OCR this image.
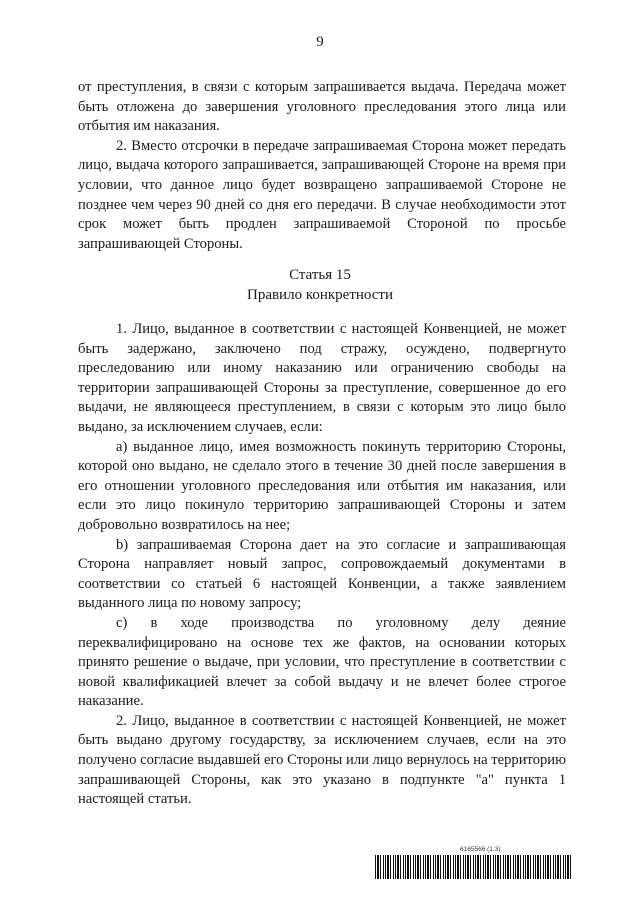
9

от преступления, в связи с которым запрашивается выдача. Передача может быть отложена до завершения уголовного преследования этого лица или отбытия им наказания.

2. Вместо отсрочки в передаче запрашиваемая Сторона может передать лицо, выдача которого запрашивается, запрашивающей Стороне на время при условии, что данное лицо будет возвращено запрашиваемой Стороне не позднее чем через 90 дней со дня его передачи. В случае необходимости этот срок может быть продлен запрашиваемой Стороной по просьбе запрашивающей Стороны.

Статья 15
Правило конкретности

1. Лицо, выданное в соответствии с настоящей Конвенцией, не может быть задержано, заключено под стражу, осуждено, подвергнуто преследованию или иному наказанию или ограничению свободы на территории запрашивающей Стороны за преступление, совершенное до его выдачи, не являющееся преступлением, в связи с которым это лицо было выдано, за исключением случаев, если:

а) выданное лицо, имея возможность покинуть территорию Стороны, которой оно выдано, не сделало этого в течение 30 дней после завершения в его отношении уголовного преследования или отбытия им наказания, или если это лицо покинуло территорию запрашивающей Стороны и затем добровольно возвратилось на нее;

b) запрашиваемая Сторона дает на это согласие и запрашивающая Сторона направляет новый запрос, сопровождаемый документами в соответствии со статьей 6 настоящей Конвенции, а также заявлением выданного лица по новому запросу;

c) в ходе производства по уголовному делу деяние переквалифицировано на основе тех же фактов, на основании которых принято решение о выдаче, при условии, что преступление в соответствии с новой квалификацией влечет за собой выдачу и не влечет более строгое наказание.

2. Лицо, выданное в соответствии с настоящей Конвенцией, не может быть выдано другому государству, за исключением случаев, если на это получено согласие выдавшей его Стороны или лицо вернулось на территорию запрашивающей Стороны, как это указано в подпункте "а" пункта 1 настоящей статьи.

6165566 (1.3)
